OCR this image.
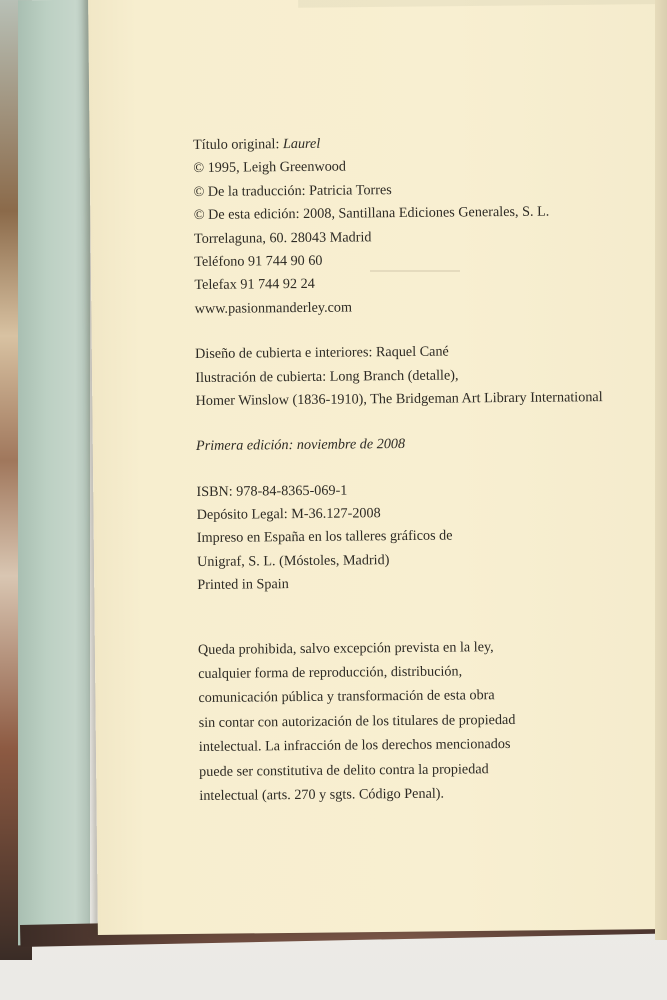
Título original: Laurel
© 1995, Leigh Greenwood
© De la traducción: Patricia Torres
© De esta edición: 2008, Santillana Ediciones Generales, S. L.
Torrelaguna, 60. 28043 Madrid
Teléfono 91 744 90 60
Telefax 91 744 92 24
www.pasionmanderley.com
Diseño de cubierta e interiores: Raquel Cané
Ilustración de cubierta: Long Branch (detalle),
Homer Winslow (1836-1910), The Bridgeman Art Library International
Primera edición: noviembre de 2008
ISBN: 978-84-8365-069-1
Depósito Legal: M-36.127-2008
Impreso en España en los talleres gráficos de
Unigraf, S. L. (Móstoles, Madrid)
Printed in Spain
Queda prohibida, salvo excepción prevista en la ley,
cualquier forma de reproducción, distribución,
comunicación pública y transformación de esta obra
sin contar con autorización de los titulares de propiedad
intelectual. La infracción de los derechos mencionados
puede ser constitutiva de delito contra la propiedad
intelectual (arts. 270 y sgts. Código Penal).
